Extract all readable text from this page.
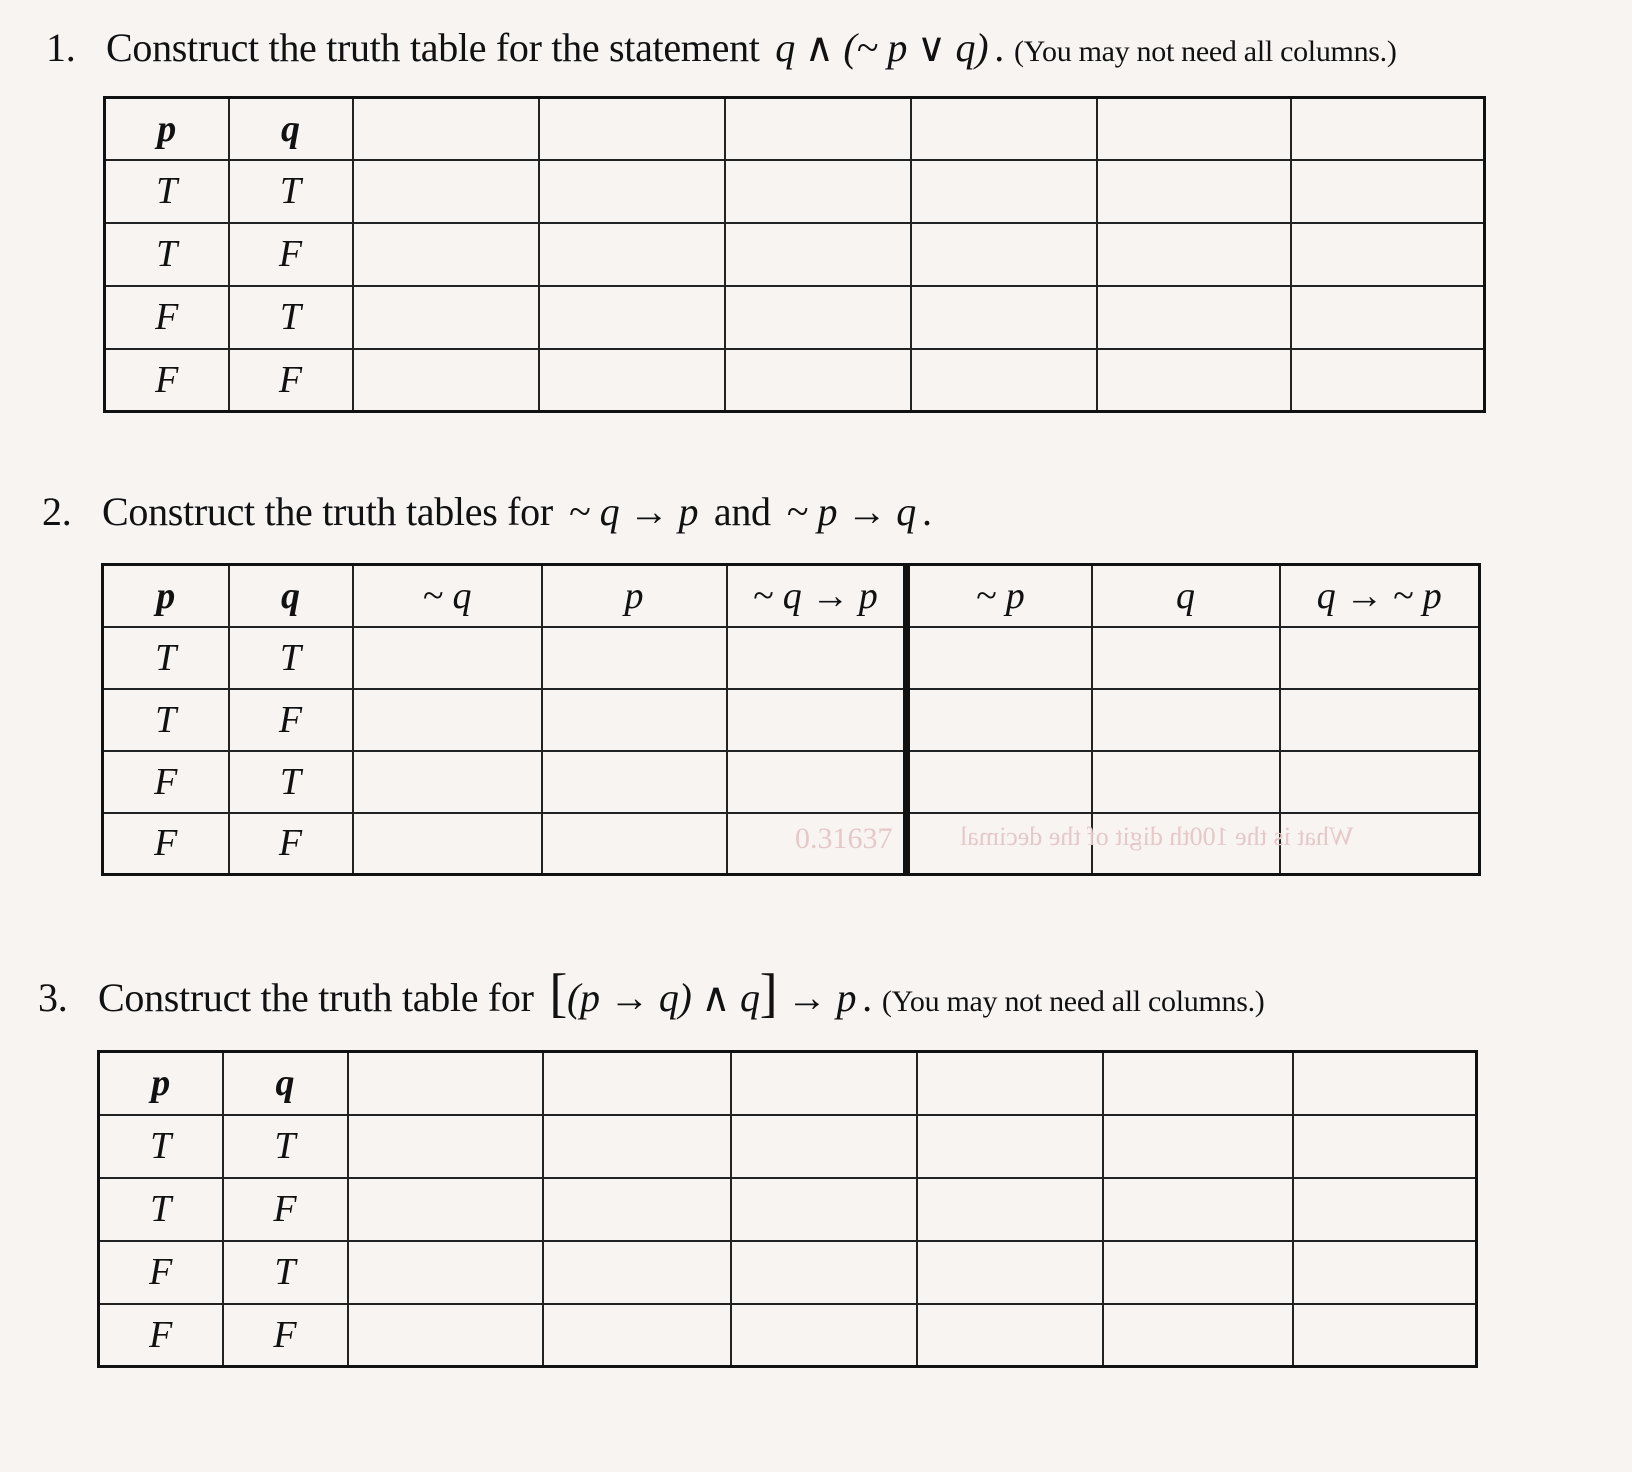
1. Construct the truth table for the statement q ∧ (~ p ∨ q) . (You may not need all columns.)
p	q						
T	T						
T	F						
F	T						
F	F						
2. Construct the truth tables for ~ q → p and ~ p → q .
p	q	~ q	p	~ q → p	~ p	q	q → ~ p
T	T						
T	F						
F	T						
F	F							0.31637	What is the 100th digit of the decimal
3. Construct the truth table for [(p → q) ∧ q] → p . (You may not need all columns.)
p	q						
T	T						
T	F						
F	T						
F	F						
